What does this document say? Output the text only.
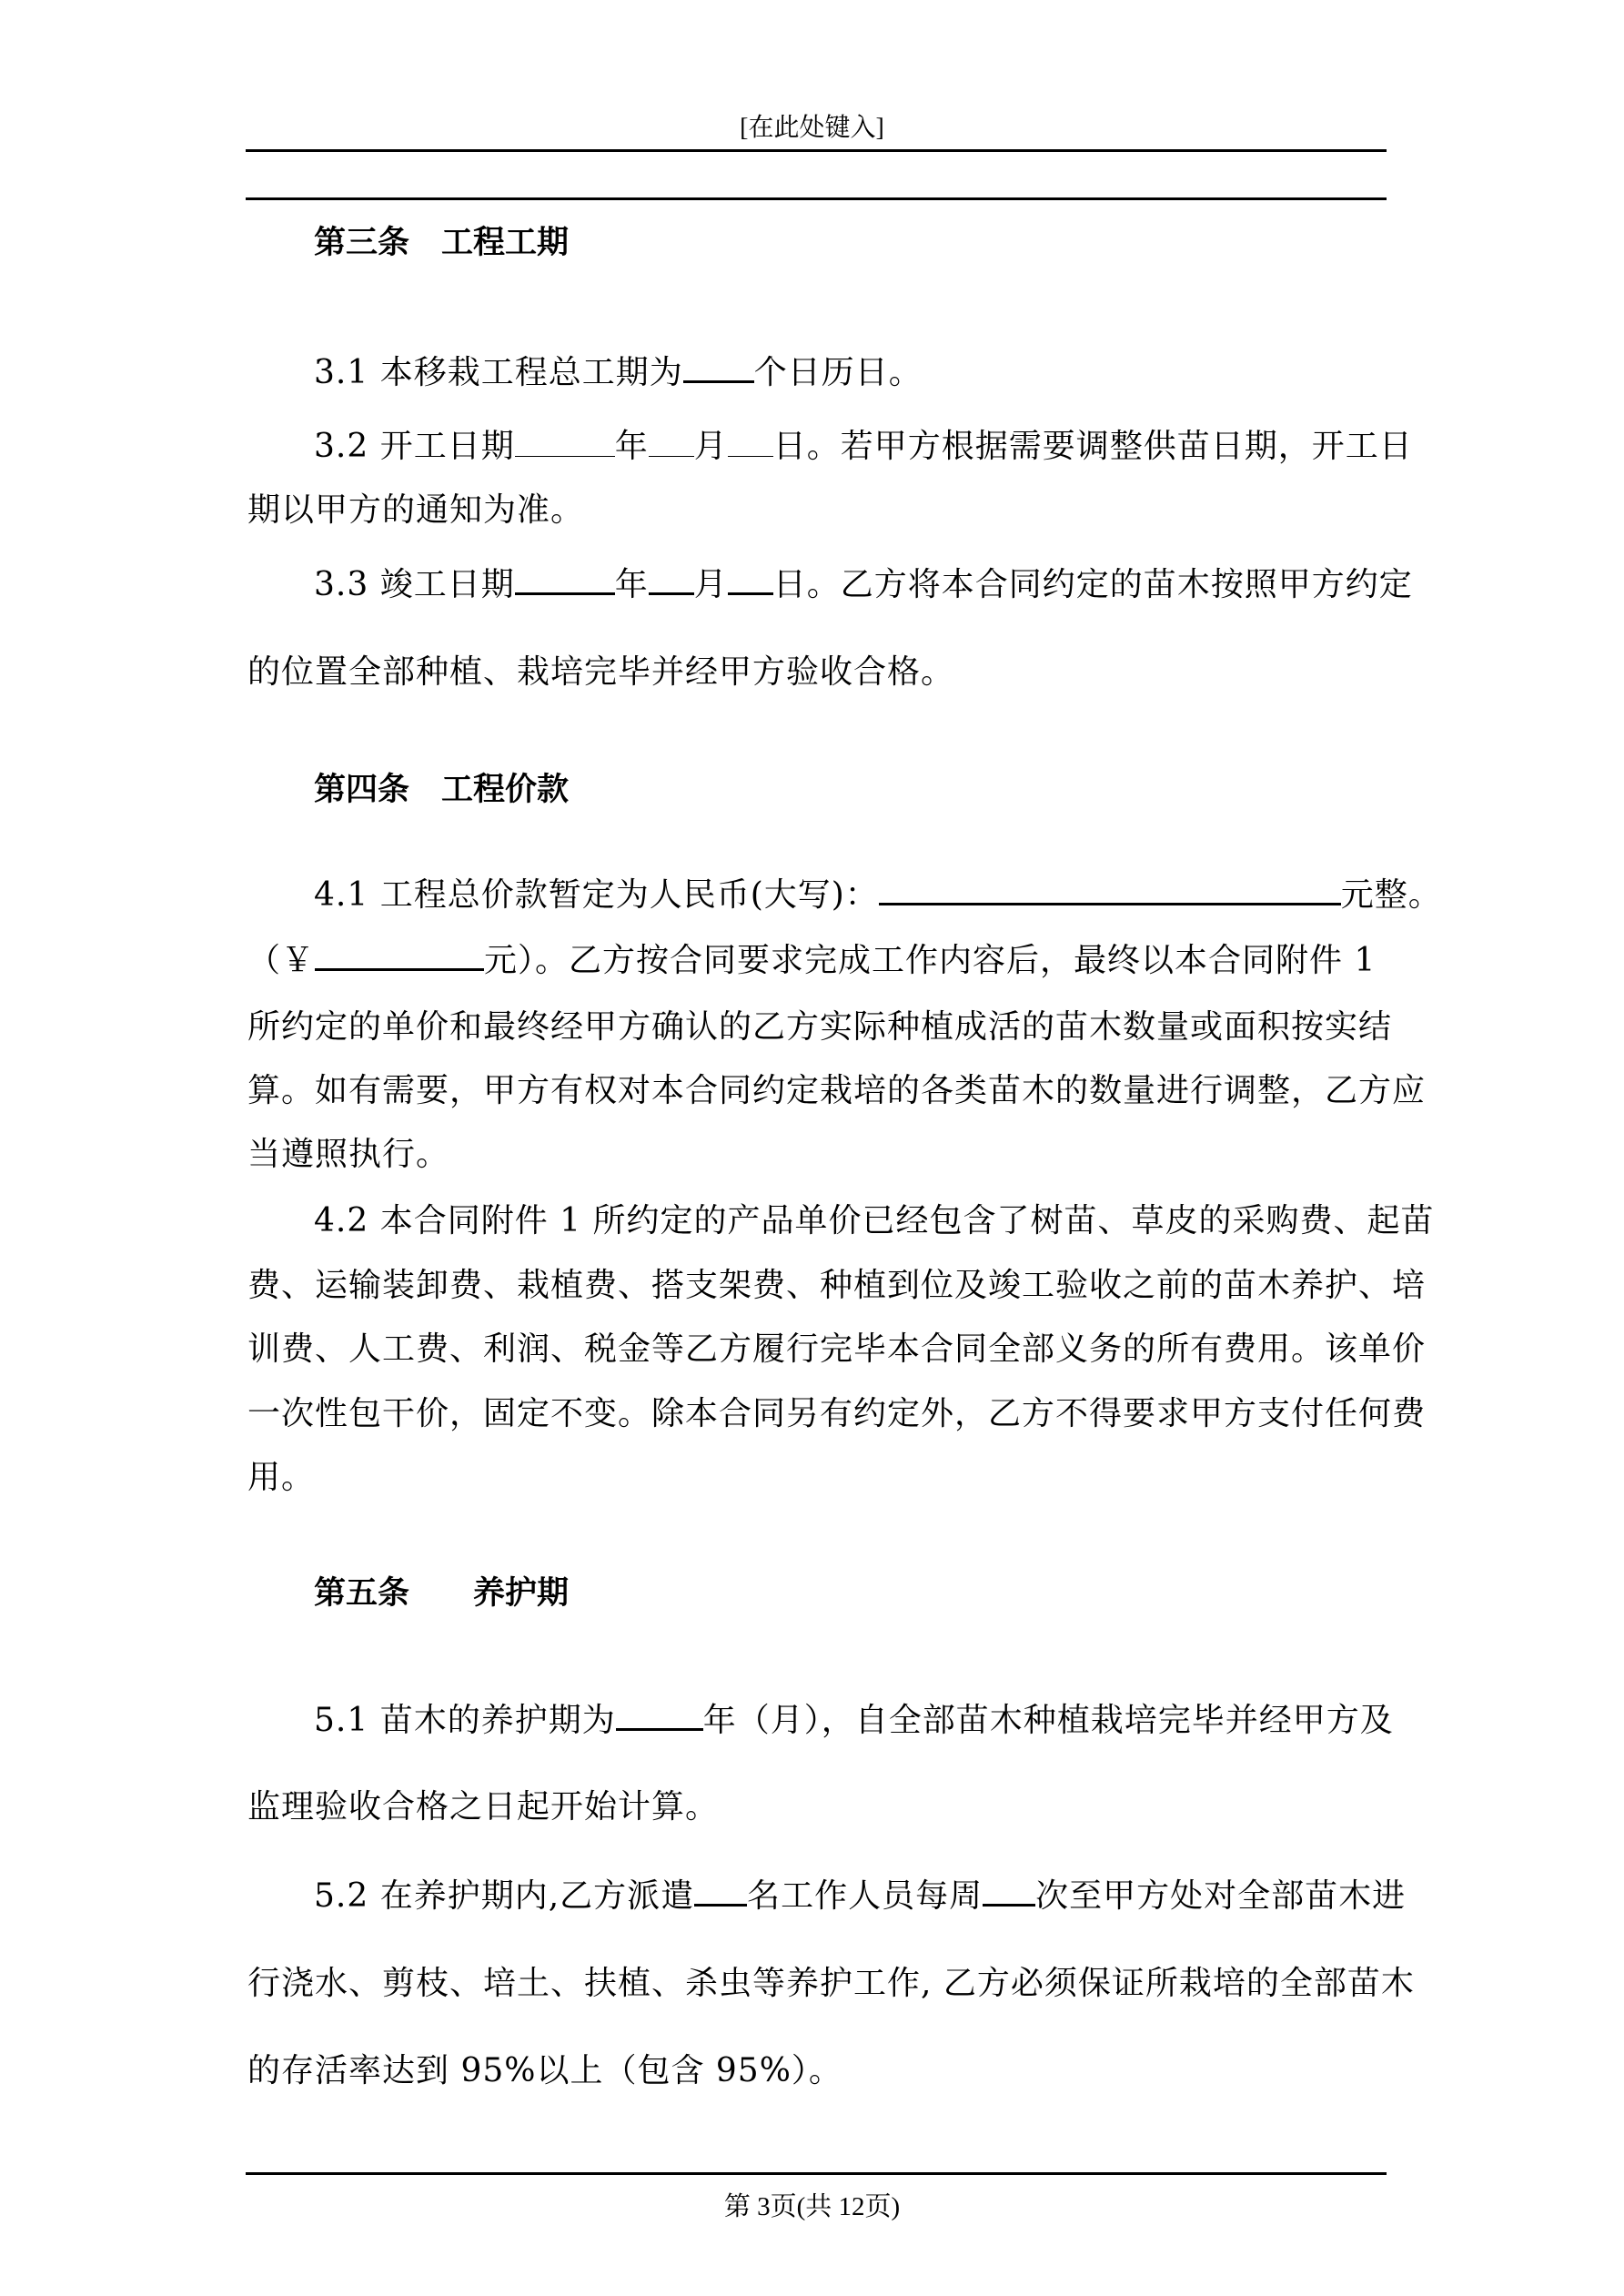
[在此处键入]
第三条　工程工期
3.1 本移栽工程总工期为 个日历日。
3.2 开工日期	年 月 日。若甲方根据需要调整供苗日期，开工日
期以甲方的通知为准。
3.3 竣工日期	年 月 日。乙方将本合同约定的苗木按照甲方约定
的位置全部种植、栽培完毕并经甲方验收合格。
第四条　工程价款
4.1 工程总价款暂定为人民币(大写)：	元整。
（￥	元）。乙方按合同要求完成工作内容后，最终以本合同附件 1
所约定的单价和最终经甲方确认的乙方实际种植成活的苗木数量或面积按实结
算。如有需要，甲方有权对本合同约定栽培的各类苗木的数量进行调整，乙方应
当遵照执行。
4.2 本合同附件 1 所约定的产品单价已经包含了树苗、草皮的采购费、起苗
费、运输装卸费、栽植费、搭支架费、种植到位及竣工验收之前的苗木养护、培
训费、人工费、利润、税金等乙方履行完毕本合同全部义务的所有费用。该单价
一次性包干价，固定不变。除本合同另有约定外，乙方不得要求甲方支付任何费
用。
第五条　　养护期
5.1 苗木的养护期为	年（月），自全部苗木种植栽培完毕并经甲方及
监理验收合格之日起开始计算。
5.2 在养护期内,乙方派遣 名工作人员每周 次至甲方处对全部苗木进
行浇水、剪枝、培土、扶植、杀虫等养护工作, 乙方必须保证所栽培的全部苗木
的存活率达到 95%以上（包含 95%）。
第 3页(共 12页)
